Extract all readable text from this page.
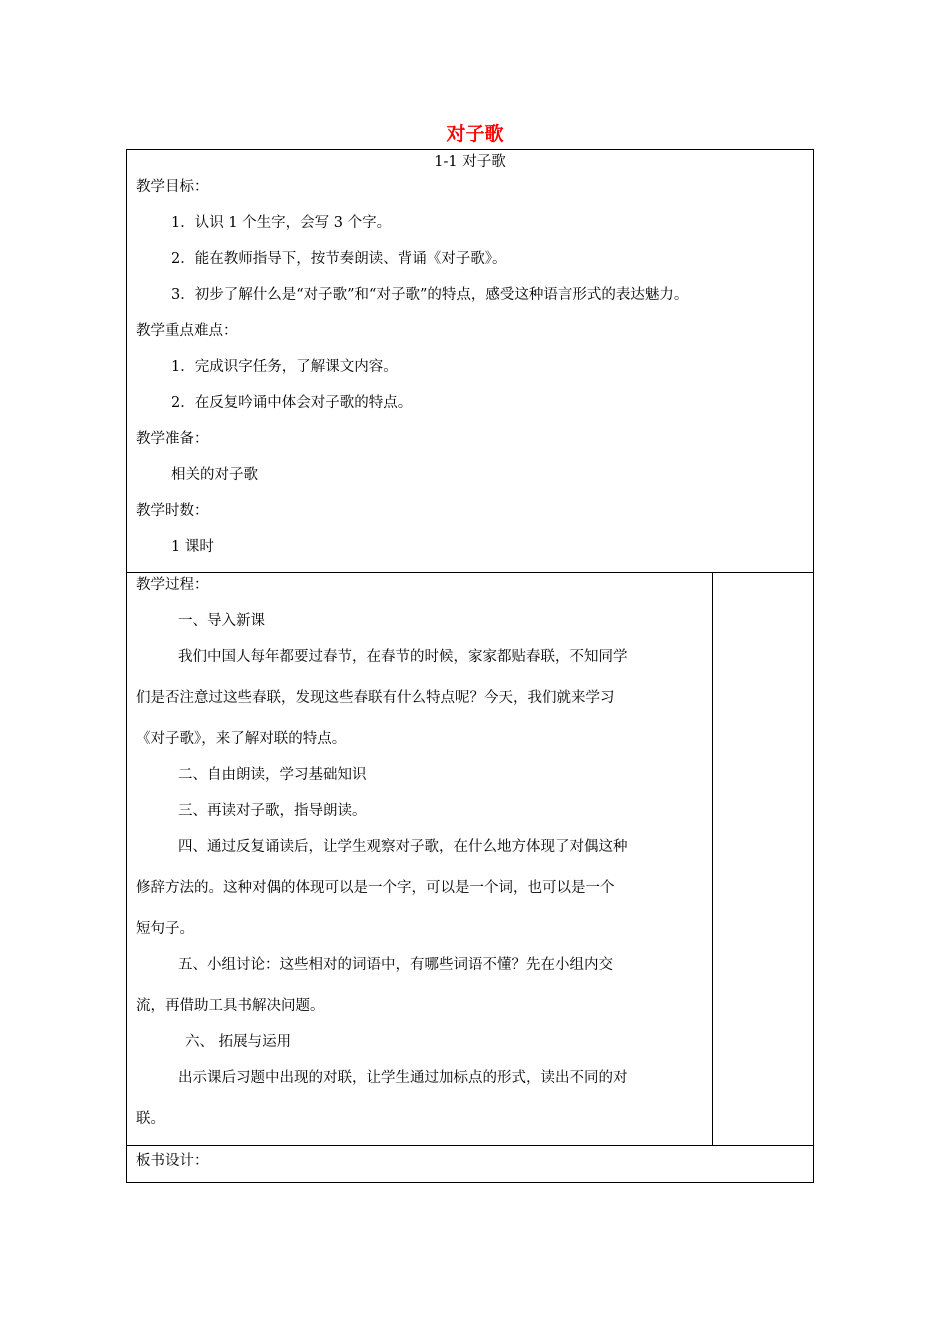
对子歌
1-1 对子歌
教学目标：
1．认识 1 个生字，会写 3 个字。
2．能在教师指导下，按节奏朗读、背诵《对子歌》。
3．初步了解什么是“对子歌”和“对子歌”的特点，感受这种语言形式的表达魅力。
教学重点难点：
1．完成识字任务，了解课文内容。
2．在反复吟诵中体会对子歌的特点。
教学准备：
相关的对子歌
教学时数：
1 课时
教学过程：
一、导入新课
我们中国人每年都要过春节，在春节的时候，家家都贴春联，不知同学
们是否注意过这些春联，发现这些春联有什么特点呢？今天，我们就来学习
《对子歌》，来了解对联的特点。
二、自由朗读，学习基础知识
三、再读对子歌，指导朗读。
四、通过反复诵读后，让学生观察对子歌，在什么地方体现了对偶这种
修辞方法的。这种对偶的体现可以是一个字，可以是一个词，也可以是一个
短句子。
五、小组讨论：这些相对的词语中，有哪些词语不懂？先在小组内交
流，再借助工具书解决问题。
六、 拓展与运用
出示课后习题中出现的对联，让学生通过加标点的形式，读出不同的对
联。
板书设计：
